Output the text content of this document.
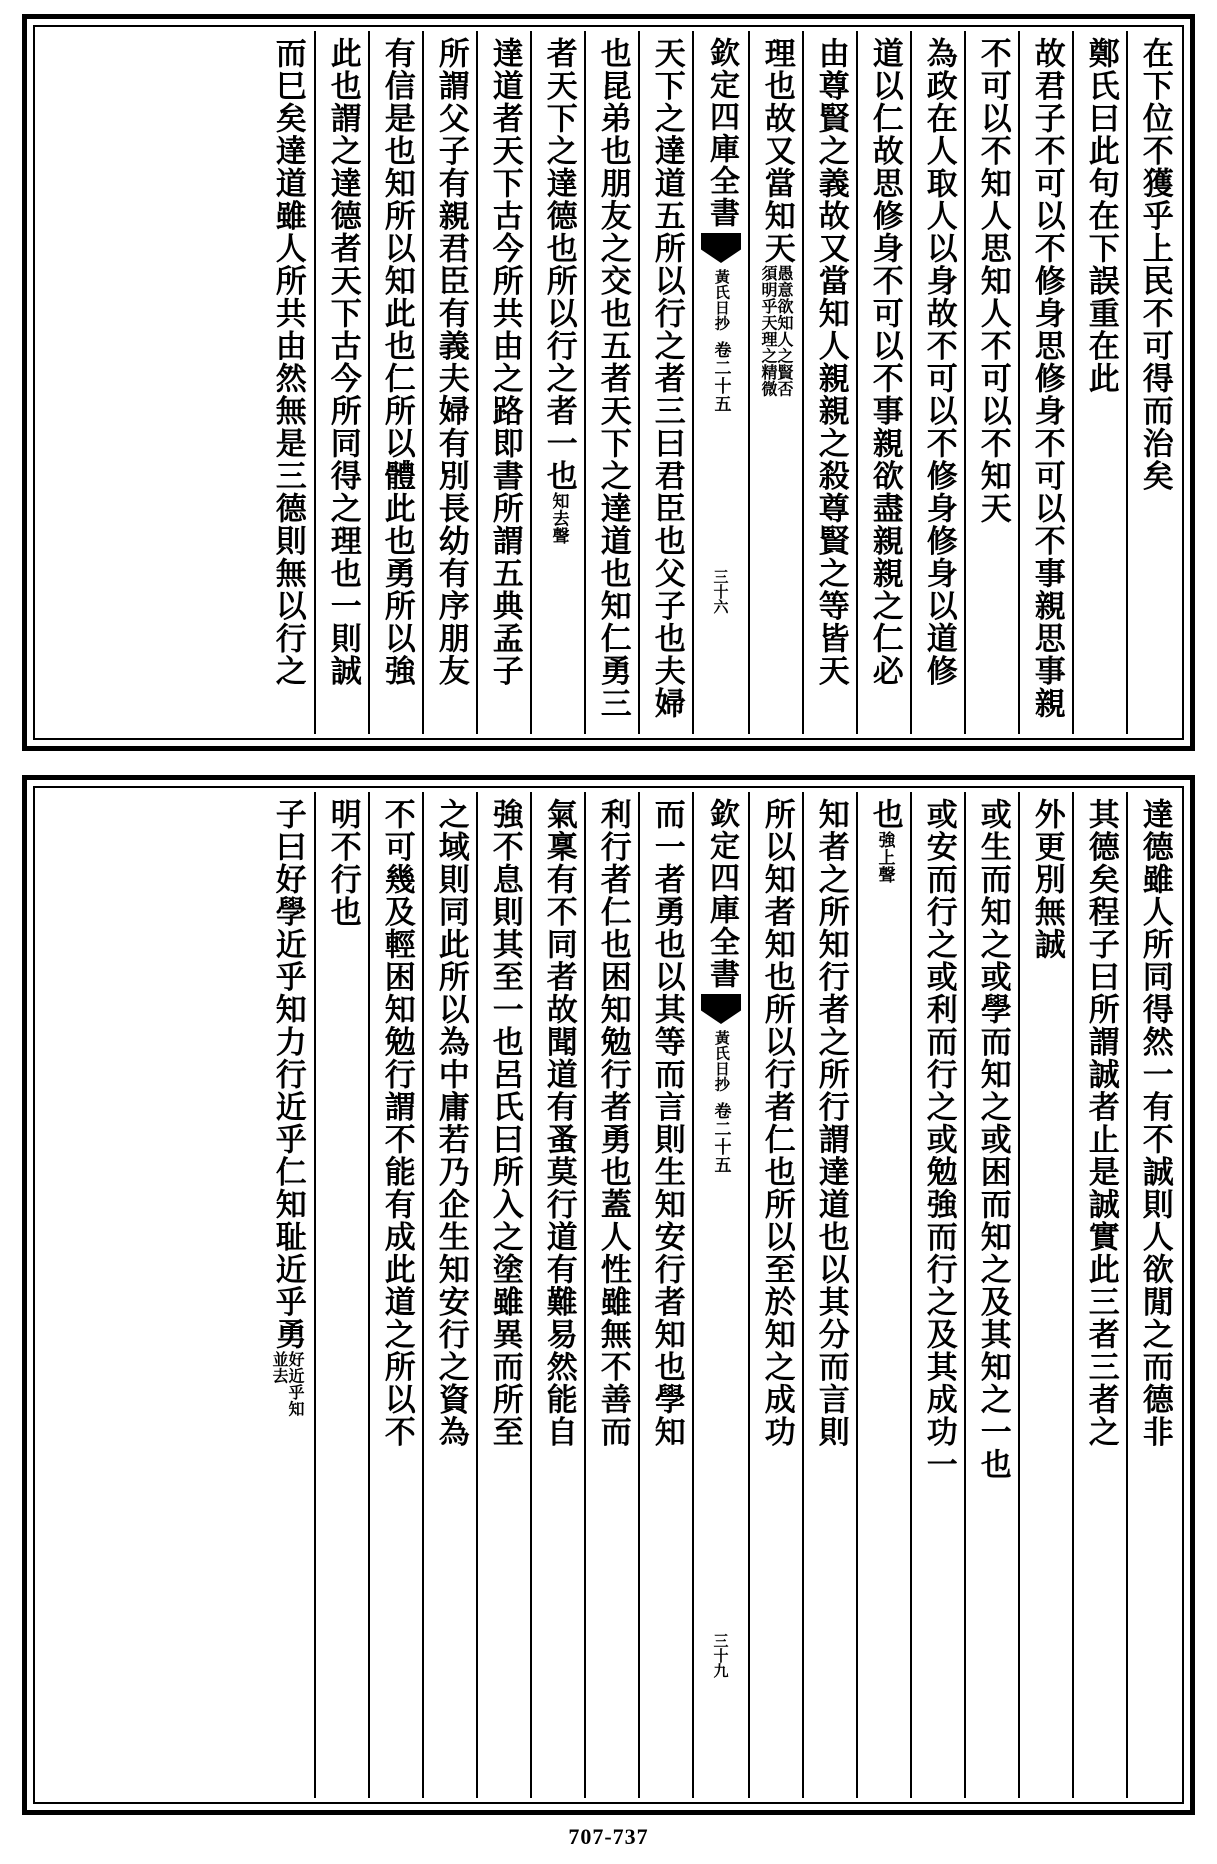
在下位不獲乎上民不可得而治矣
鄭氏曰此句在下誤重在此
故君子不可以不修身思修身不可以不事親思事親
不可以不知人思知人不可以不知天
為政在人取人以身故不可以不修身修身以道修
道以仁故思修身不可以不事親欲盡親親之仁必
由尊賢之義故又當知人親親之殺尊賢之等皆天
理也故又當知天
愚意欲知人之賢否
須明乎天理之精微
欽定四庫全書
黃氏日抄
卷二十五
三十六
天下之達道五所以行之者三曰君臣也父子也夫婦
也昆弟也朋友之交也五者天下之達道也知仁勇三
者天下之達德也所以行之者一也
知去聲
達道者天下古今所共由之路即書所謂五典孟子
所謂父子有親君臣有義夫婦有別長幼有序朋友
有信是也知所以知此也仁所以體此也勇所以強
此也謂之達德者天下古今所同得之理也一則誠
而巳矣達道雖人所共由然無是三德則無以行之
達德雖人所同得然一有不誠則人欲閒之而德非
其德矣程子曰所謂誠者止是誠實此三者三者之
外更別無誠
或生而知之或學而知之或困而知之及其知之一也
或安而行之或利而行之或勉強而行之及其成功一
也
強上聲
知者之所知行者之所行謂達道也以其分而言則
所以知者知也所以行者仁也所以至於知之成功
欽定四庫全書
黃氏日抄
卷二十五
三十九
而一者勇也以其等而言則生知安行者知也學知
利行者仁也困知勉行者勇也蓋人性雖無不善而
氣稟有不同者故聞道有蚤莫行道有難易然能自
強不息則其至一也呂氏曰所入之塗雖異而所至
之域則同此所以為中庸若乃企生知安行之資為
不可幾及輕困知勉行謂不能有成此道之所以不
明不行也
子曰好學近乎知力行近乎仁知耻近乎勇
好近乎知
並去
707-737
